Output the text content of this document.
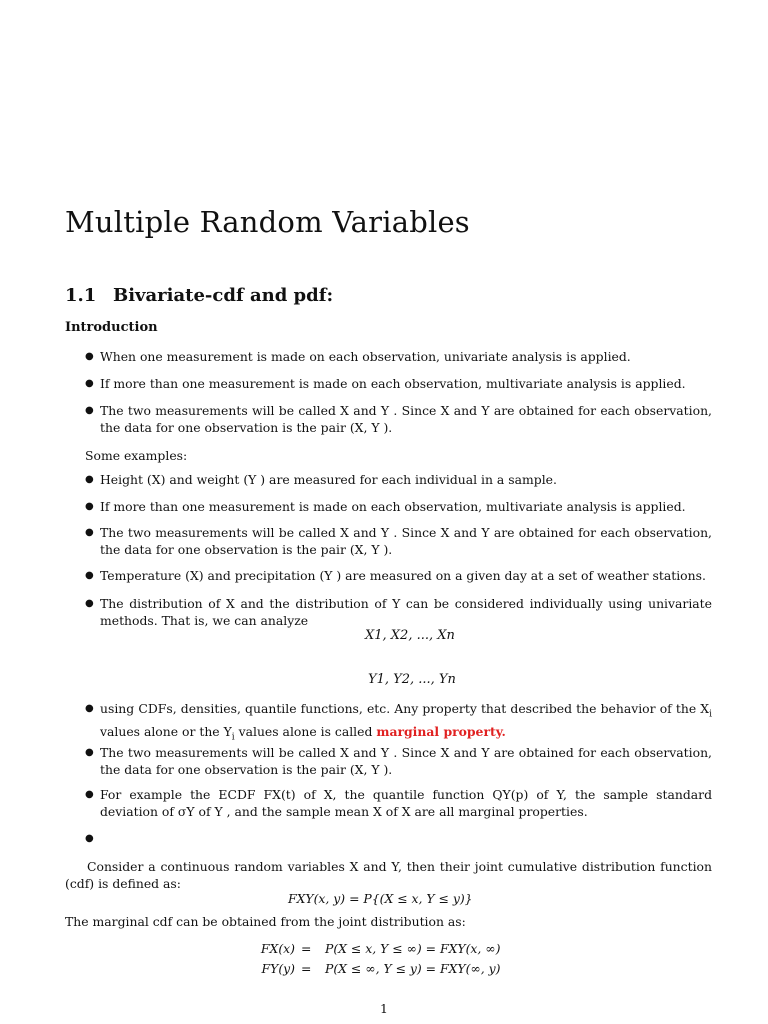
Multiple Random Variables
1.1 Bivariate-cdf and pdf:
Introduction
● When one measurement is made on each observation, univariate analysis is applied.
● If more than one measurement is made on each observation, multivariate analysis is applied.
● The two measurements will be called X and Y . Since X and Y are obtained for each observation, the data for one observation is the pair (X, Y ).
Some examples:
● Height (X) and weight (Y ) are measured for each individual in a sample.
● If more than one measurement is made on each observation, multivariate analysis is applied.
● The two measurements will be called X and Y . Since X and Y are obtained for each observation, the data for one observation is the pair (X, Y ).
● Temperature (X) and precipitation (Y ) are measured on a given day at a set of weather stations.
● The distribution of X and the distribution of Y can be considered individually using univariate methods. That is, we can analyze
X1, X2, ..., Xn
Y1, Y2, ..., Yn
● using CDFs, densities, quantile functions, etc. Any property that described the behavior of the $X_i$ values alone or the $Y_i$ values alone is called marginal property.
● The two measurements will be called X and Y . Since X and Y are obtained for each observation, the data for one observation is the pair (X, Y ).
● For example the ECDF FX(t) of X, the quantile function QY(p) of Y, the sample standard deviation of σY of Y , and the sample mean X of X are all marginal properties.
●
Consider a continuous random variables X and Y, then their joint cumulative distribution function (cdf) is defined as:
FXY(x, y) = P{(X ≤ x, Y ≤ y)}
The marginal cdf can be obtained from the joint distribution as:
FX(x) = P(X ≤ x, Y ≤ ∞) = FXY(x, ∞)
FY(y) = P(X ≤ ∞, Y ≤ y) = FXY(∞, y)
1
